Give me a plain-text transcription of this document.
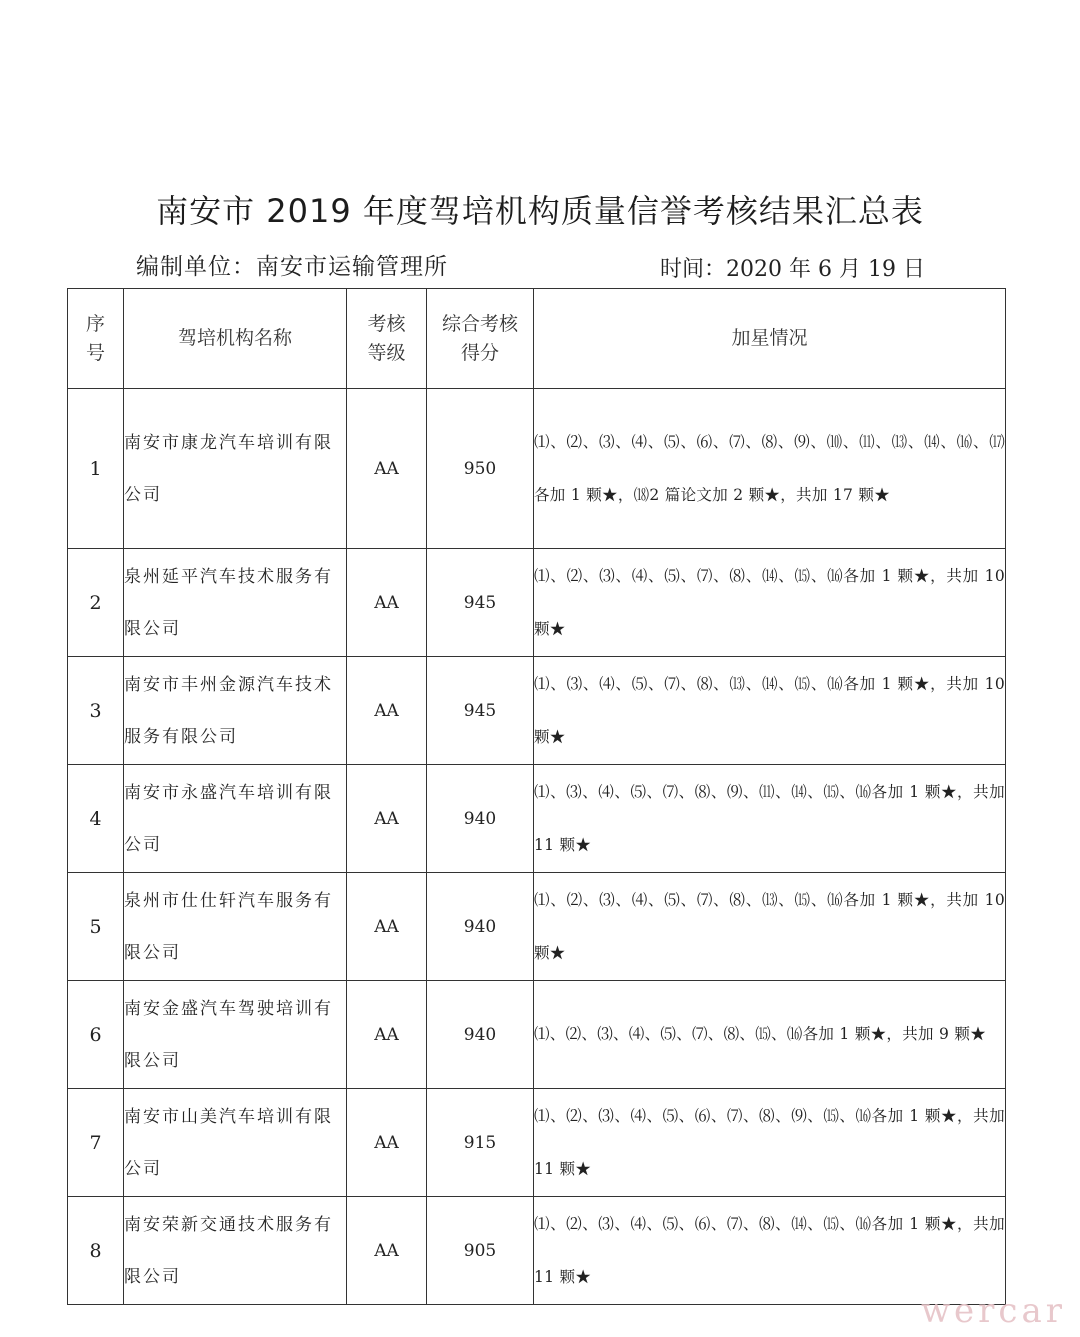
南安市 2019 年度驾培机构质量信誉考核结果汇总表
编制单位：南安市运输管理所	时间：2020 年 6 月 19 日
序号	驾培机构名称	考核等级	综合考核得分	加星情况
1	南安市康龙汽车培训有限公司	AA	950	⑴、⑵、⑶、⑷、⑸、⑹、⑺、⑻、⑼、⑽、⑾、⒀、⒁、⒃、⒄各加 1 颗★，⒅2 篇论文加 2 颗★，共加 17 颗★
2	泉州延平汽车技术服务有限公司	AA	945	⑴、⑵、⑶、⑷、⑸、⑺、⑻、⒁、⒂、⒃各加 1 颗★，共加 10 颗★
3	南安市丰州金源汽车技术服务有限公司	AA	945	⑴、⑶、⑷、⑸、⑺、⑻、⒀、⒁、⒂、⒃各加 1 颗★，共加 10 颗★
4	南安市永盛汽车培训有限公司	AA	940	⑴、⑶、⑷、⑸、⑺、⑻、⑼、⑾、⒁、⒂、⒃各加 1 颗★，共加 11 颗★
5	泉州市仕仕轩汽车服务有限公司	AA	940	⑴、⑵、⑶、⑷、⑸、⑺、⑻、⒀、⒂、⒃各加 1 颗★，共加 10 颗★
6	南安金盛汽车驾驶培训有限公司	AA	940	⑴、⑵、⑶、⑷、⑸、⑺、⑻、⒂、⒃各加 1 颗★，共加 9 颗★
7	南安市山美汽车培训有限公司	AA	915	⑴、⑵、⑶、⑷、⑸、⑹、⑺、⑻、⑼、⒂、⒃各加 1 颗★，共加 11 颗★
8	南安荣新交通技术服务有限公司	AA	905	⑴、⑵、⑶、⑷、⑸、⑹、⑺、⑻、⒁、⒂、⒃各加 1 颗★，共加 11 颗★
wercar
